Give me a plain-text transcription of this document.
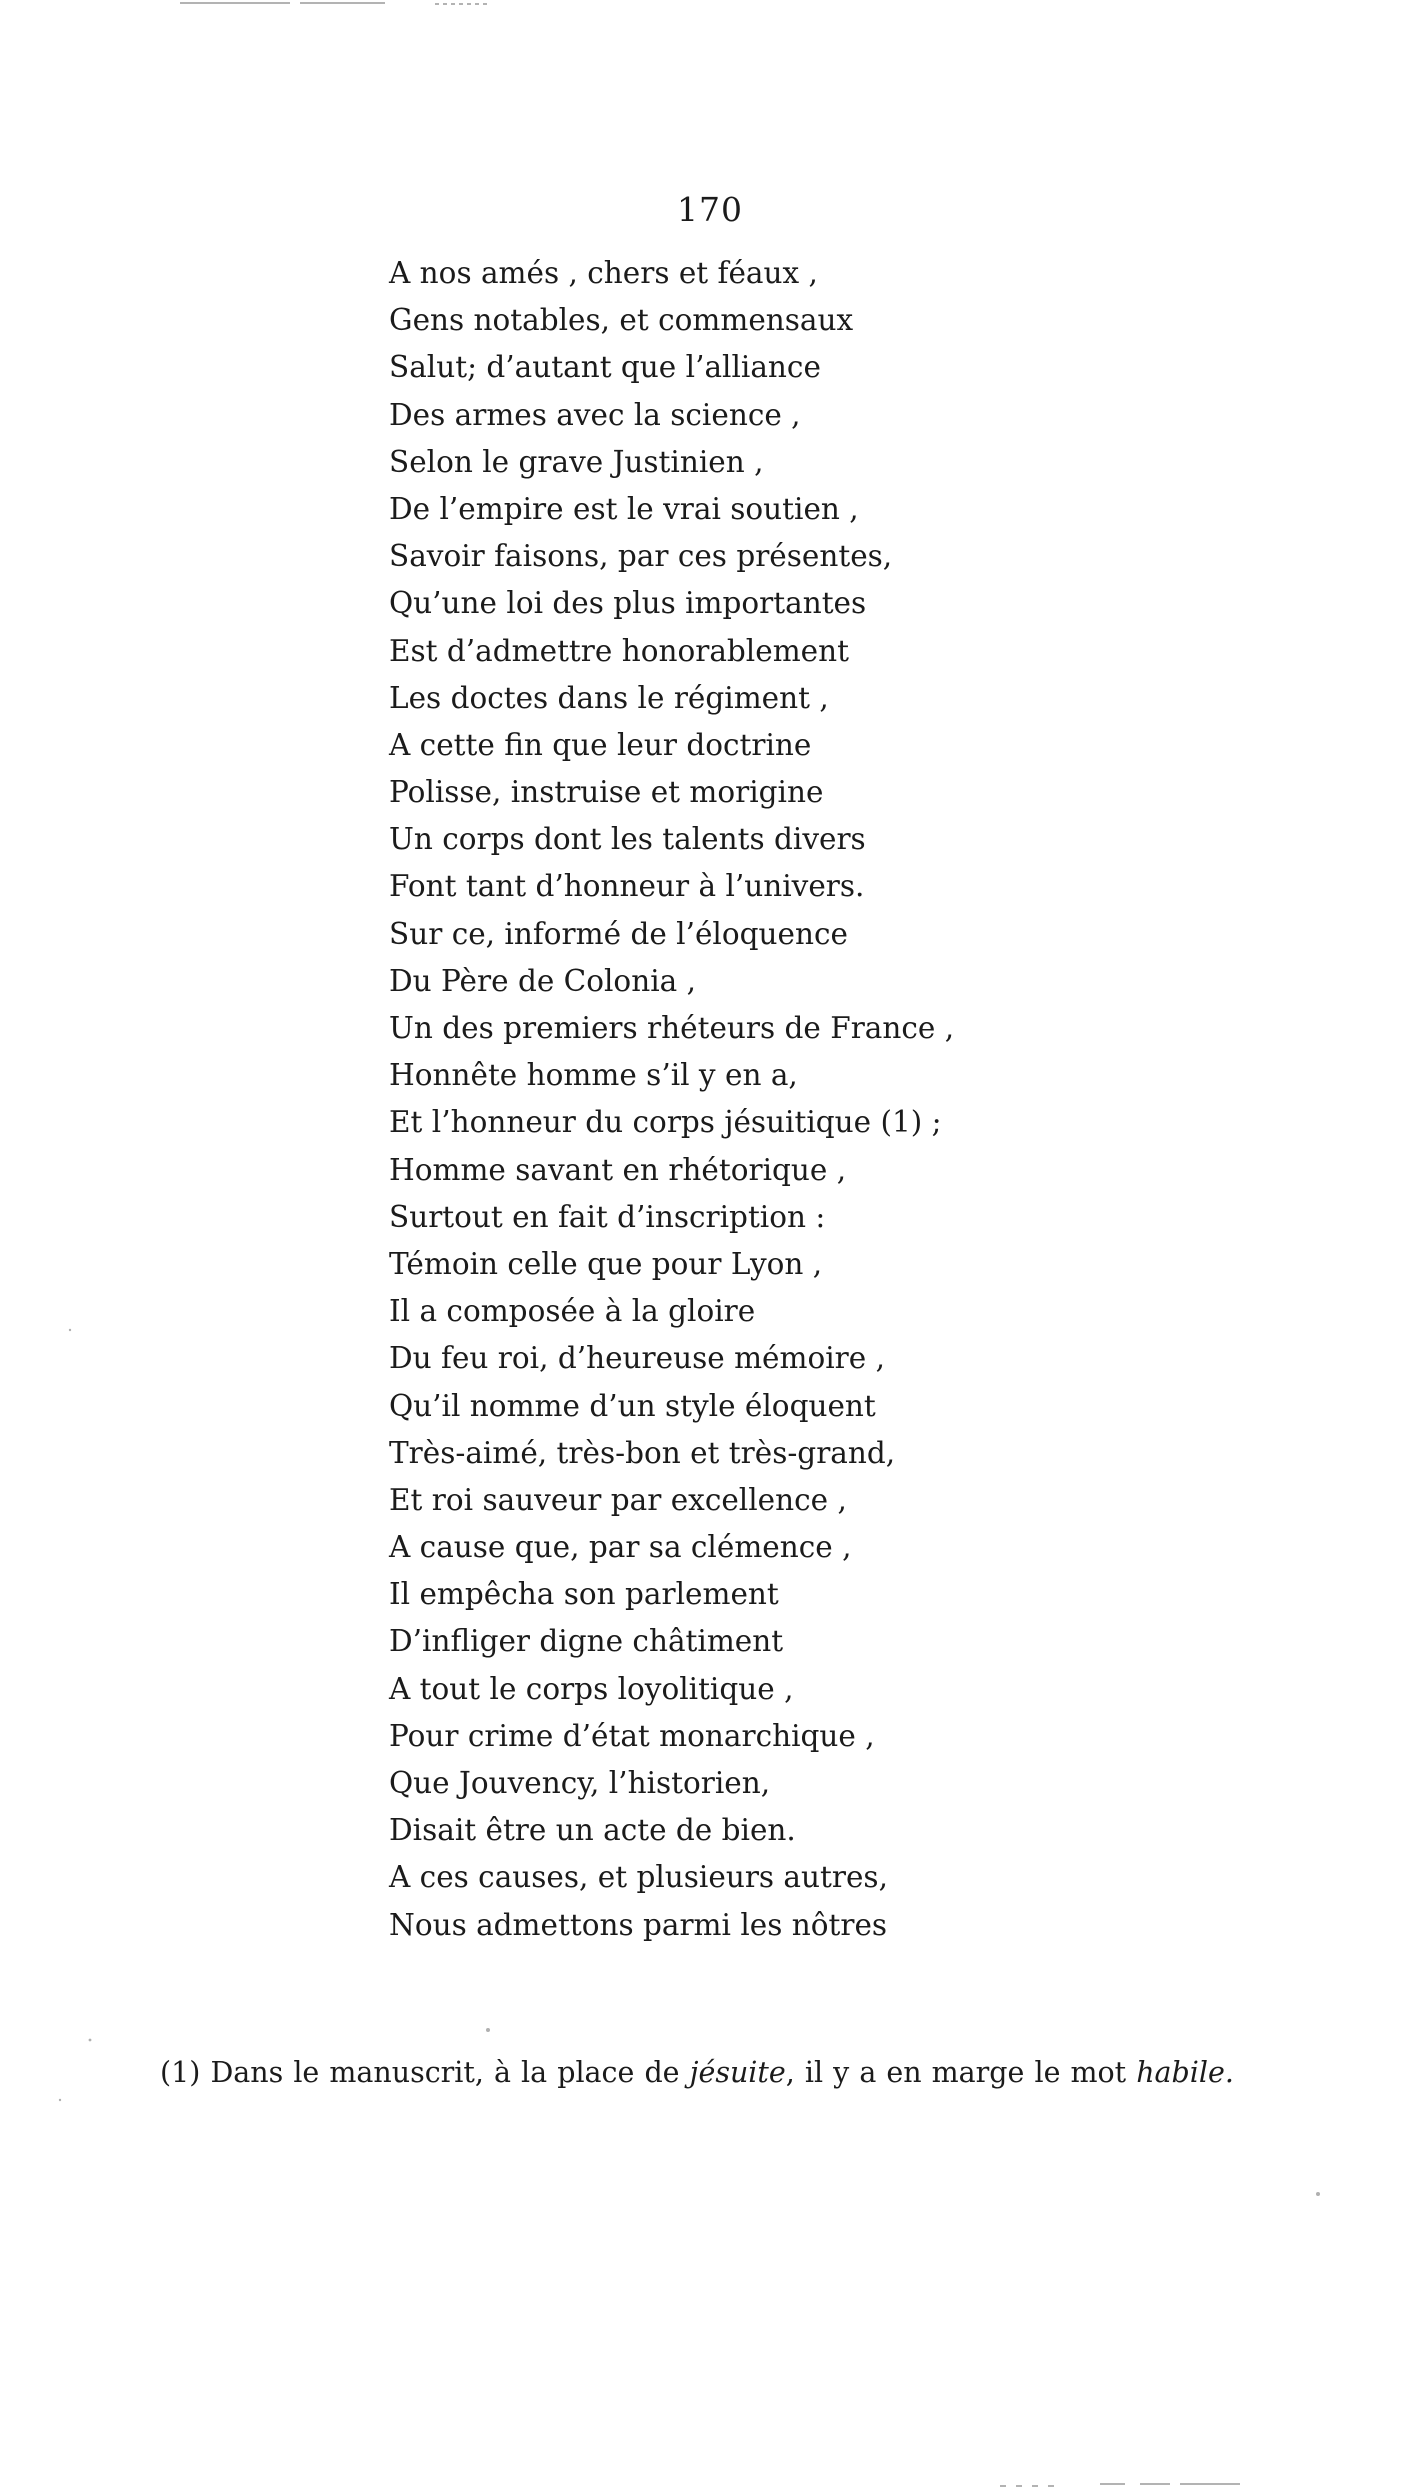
170
A nos amés , chers et féaux ,
Gens notables, et commensaux
Salut; d’autant que l’alliance
Des armes avec la science ,
Selon le grave Justinien ,
De l’empire est le vrai soutien ,
Savoir faisons, par ces présentes,
Qu’une loi des plus importantes
Est d’admettre honorablement
Les doctes dans le régiment ,
A cette fin que leur doctrine
Polisse, instruise et morigine
Un corps dont les talents divers
Font tant d’honneur à l’univers.
Sur ce, informé de l’éloquence
Du Père de Colonia ,
Un des premiers rhéteurs de France ,
Honnête homme s’il y en a,
Et l’honneur du corps jésuitique (1) ;
Homme savant en rhétorique ,
Surtout en fait d’inscription :
Témoin celle que pour Lyon ,
Il a composée à la gloire
Du feu roi, d’heureuse mémoire ,
Qu’il nomme d’un style éloquent
Très-aimé, très-bon et très-grand,
Et roi sauveur par excellence ,
A cause que, par sa clémence ,
Il empêcha son parlement
D’infliger digne châtiment
A tout le corps loyolitique ,
Pour crime d’état monarchique ,
Que Jouvency, l’historien,
Disait être un acte de bien.
A ces causes, et plusieurs autres,
Nous admettons parmi les nôtres
(1) Dans le manuscrit, à la place de jésuite, il y a en marge le mot habile.
